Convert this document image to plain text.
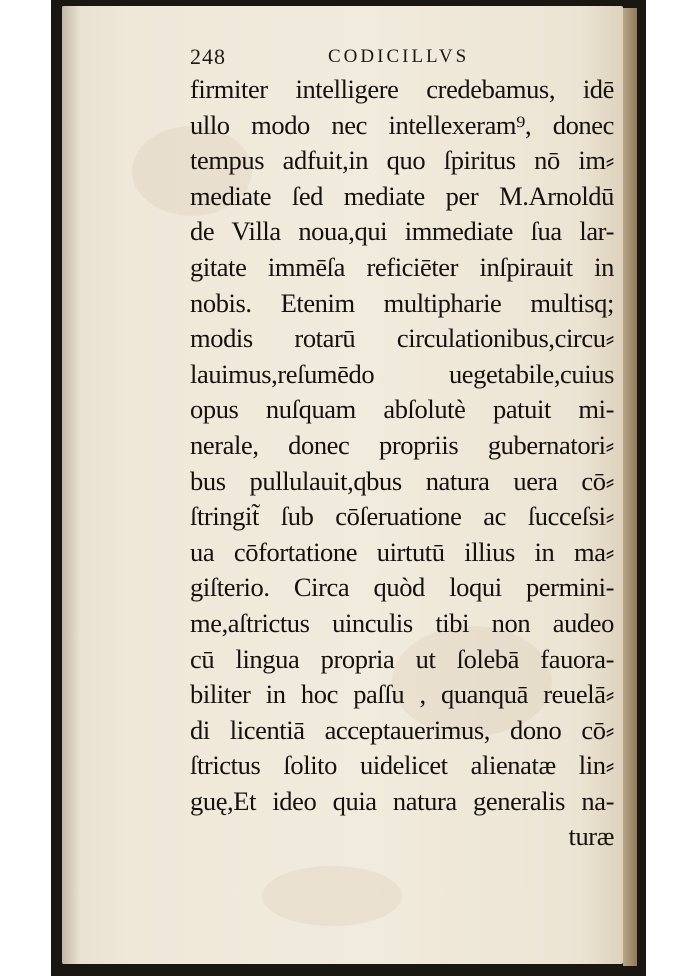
248	CODICILLVS
firmiter intelligere credebamus, idē
ullo modo nec intellexeram⁹, donec
tempus adfuit,in quo ſpiritus nō im⸗
mediate ſed mediate per M.Arnoldū
de Villa noua,qui immediate ſua lar-
gitate immēſa reficiēter inſpirauit in
nobis. Etenim multipharie multisq;
modis rotarū circulationibus,circu⸗
lauimus,reſumēdo uegetabile,cuius
opus nuſquam abſolutè patuit mi-
nerale, donec propriis gubernatori⸗
bus pullulauit,qbus natura uera cō⸗
ſtringit̃ ſub cōſeruatione ac ſucceſsi⸗
ua cōfortatione uirtutū illius in ma⸗
giſterio. Circa quòd loqui permini-
me,aſtrictus uinculis tibi non audeo
cū lingua propria ut ſolebā fauora-
biliter in hoc paſſu , quanquā reuelā⸗
di licentiā acceptauerimus, dono cō⸗
ſtrictus ſolito uidelicet alienatæ lin⸗
guę,Et ideo quia natura generalis na-
turæ
